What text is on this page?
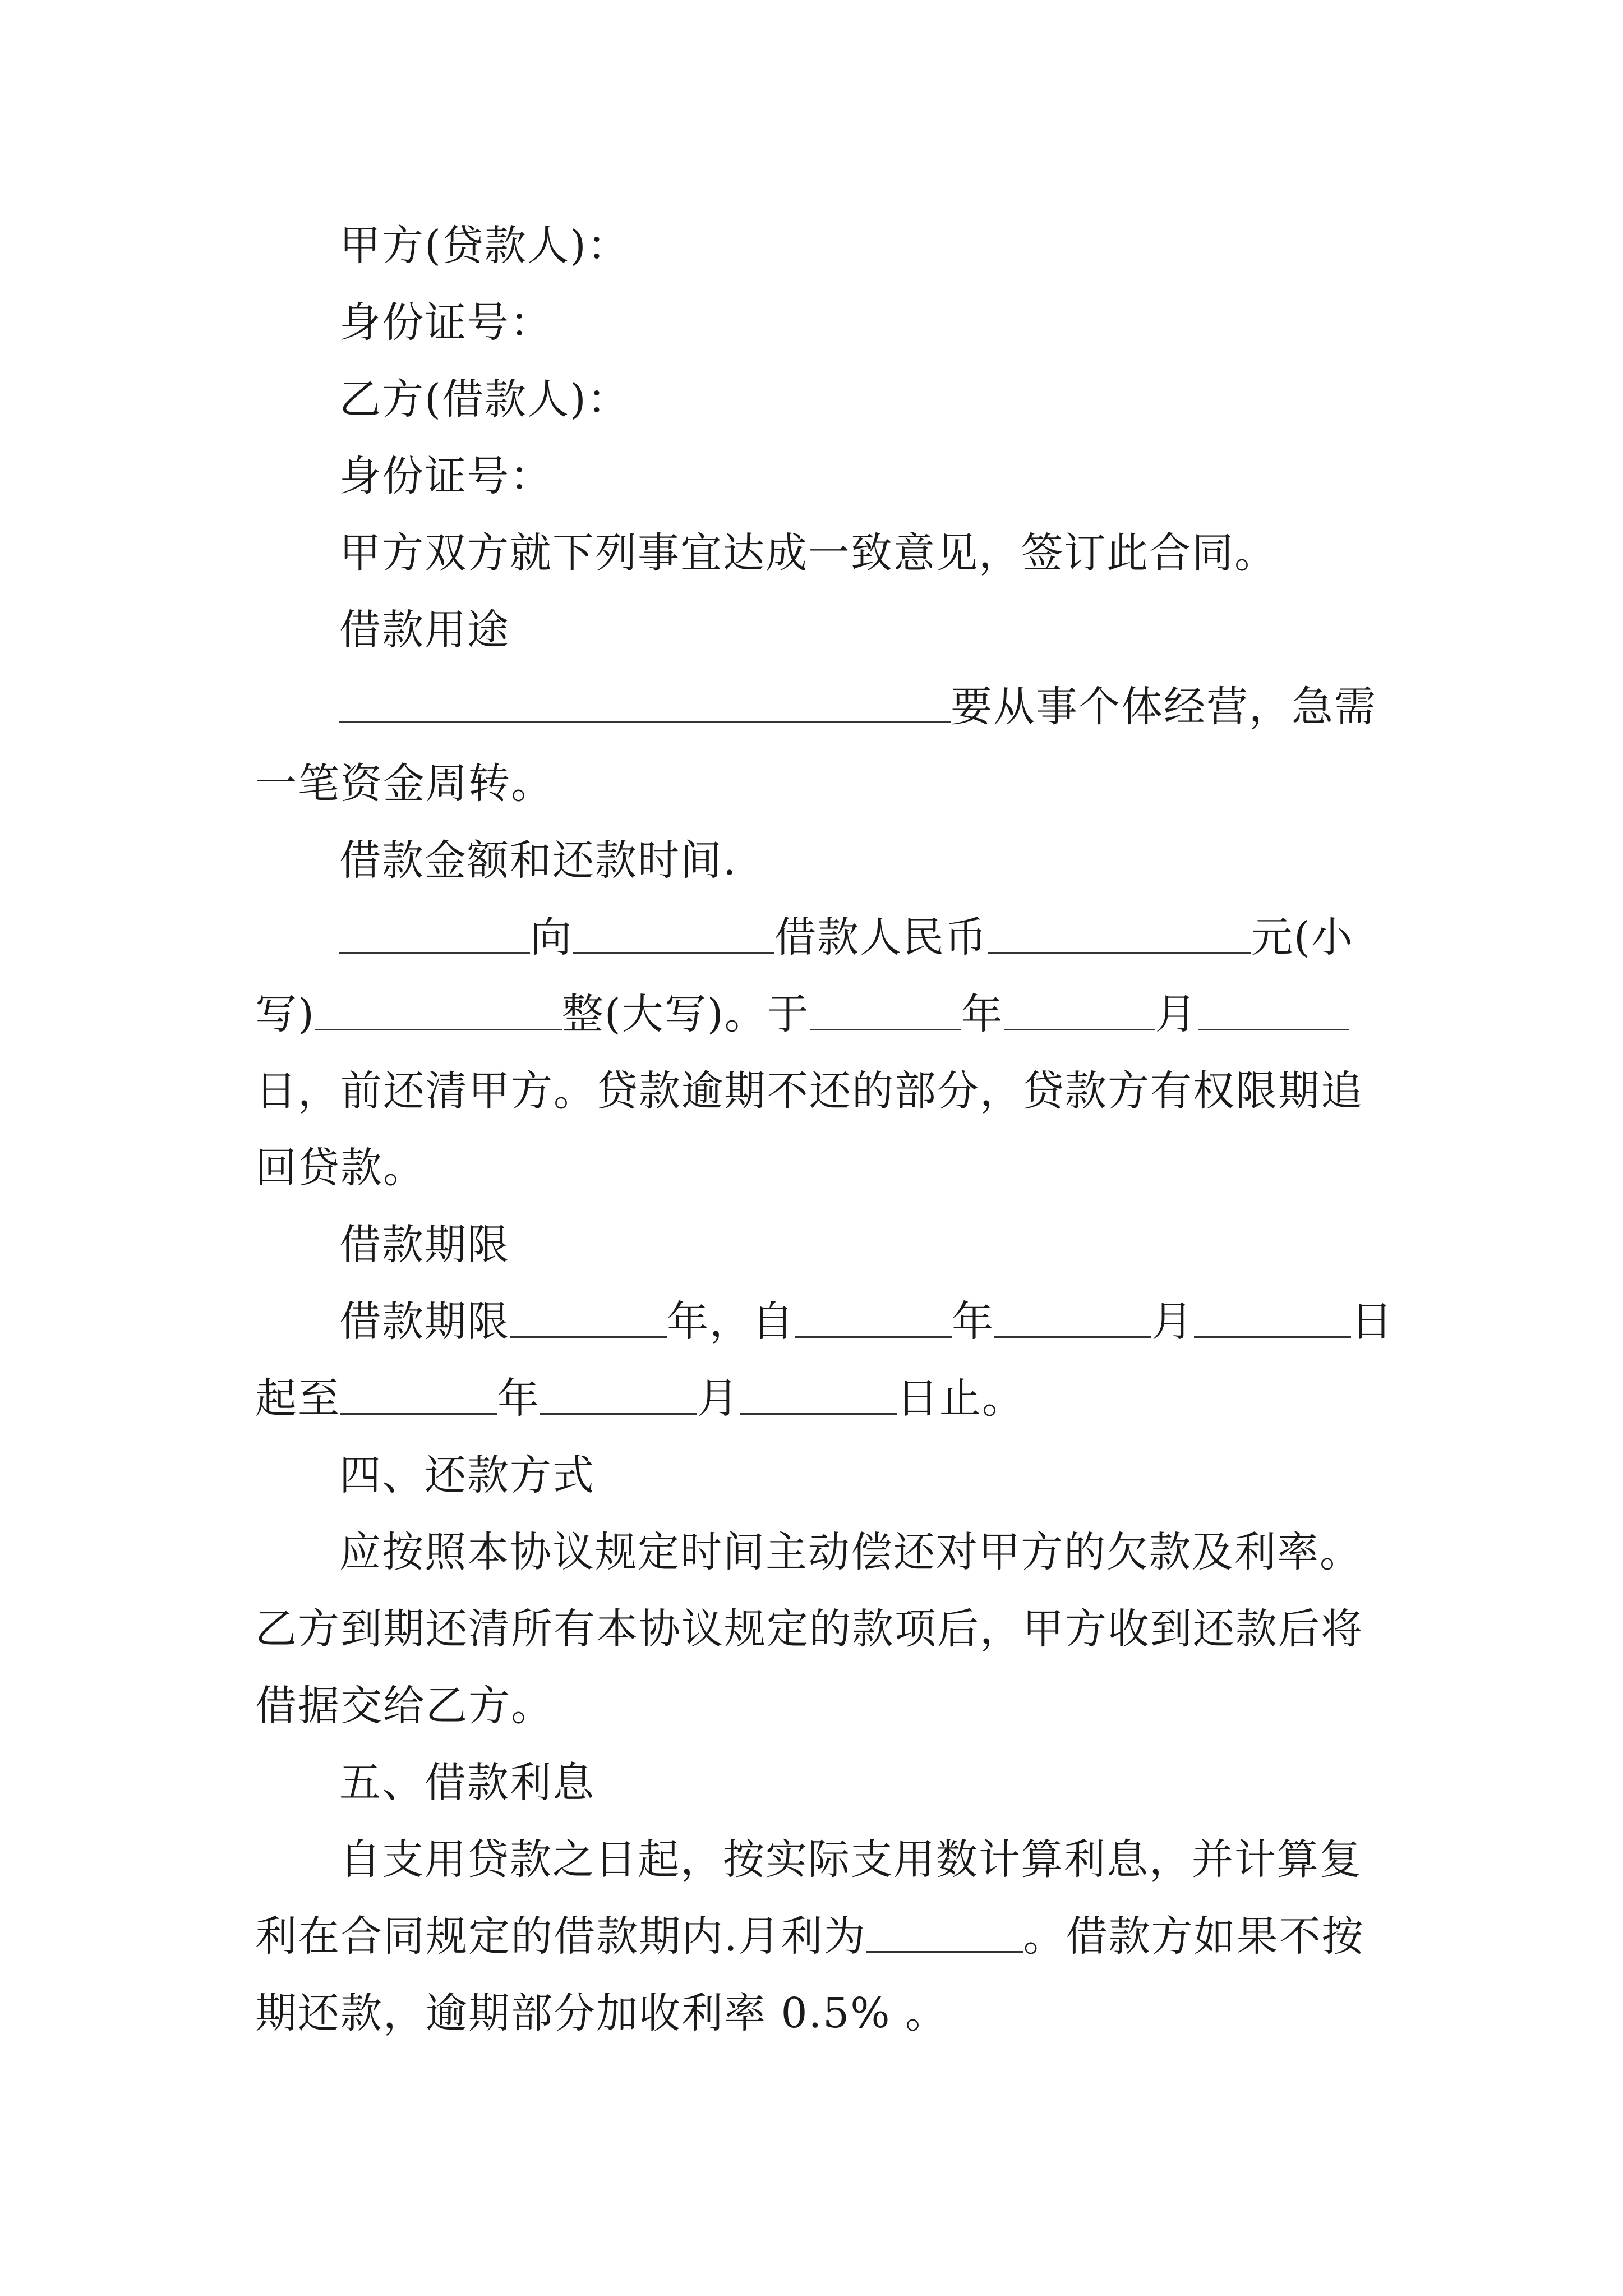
甲方(贷款人)：
身份证号：
乙方(借款人)：
身份证号：
甲方双方就下列事宜达成一致意见，签订此合同。
借款用途
要从事个体经营，急需
一笔资金周转。
借款金额和还款时间.
向	借款人民币	元(小
写)	整(大写)。于	年	月
日，前还清甲方。贷款逾期不还的部分，贷款方有权限期追
回贷款。
借款期限
借款期限	年，自	年	月	日
起至	年	月	日止。
四、还款方式
应按照本协议规定时间主动偿还对甲方的欠款及利率。
乙方到期还清所有本协议规定的款项后，甲方收到还款后将
借据交给乙方。
五、借款利息
自支用贷款之日起，按实际支用数计算利息，并计算复
利在合同规定的借款期内.月利为	。借款方如果不按
期还款，逾期部分加收利率 0.5% 。
